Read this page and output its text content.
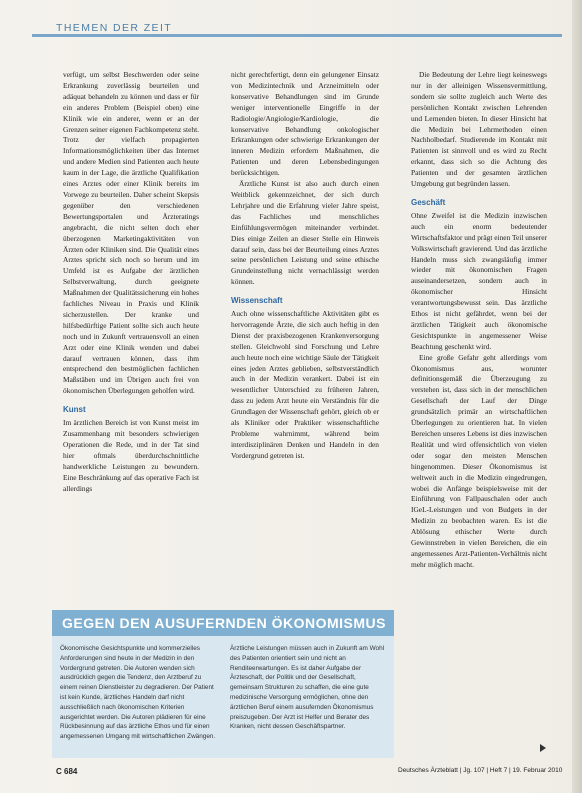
THEMEN DER ZEIT

verfügt, um selbst Beschwerden oder seine Erkrankung zuverlässig beurteilen und adäquat behandeln zu können und dass er für ein anderes Problem (Beispiel oben) eine Klinik wie ein anderer, wenn er an der Grenzen seiner eigenen Fachkompetenz steht. Trotz der vielfach propagierten Informationsmöglichkeiten über das Internet und andere Medien sind Patienten auch heute kaum in der Lage, die ärztliche Qualifikation eines Arztes oder einer Klinik bereits im Vorwege zu beurteilen. Daher scheint Skepsis gegenüber den verschiedenen Bewertungsportalen und Ärzteratings angebracht, die nicht selten doch eher überzogenen Marketingaktivitäten von Ärzten oder Kliniken sind. Die Qualität eines Arztes spricht sich noch so herum und im Umfeld ist es Aufgabe der ärztlichen Selbstverwaltung, durch geeignete Maßnahmen der Qualitätssicherung ein hohes fachliches Niveau in Praxis und Klinik sicherzustellen. Der kranke und hilfsbedürftige Patient sollte sich auch heute noch und in Zukunft vertrauensvoll an einen Arzt oder eine Klinik wenden und dabei darauf vertrauen können, dass ihm entsprechend den bestmöglichen fachlichen Maßstäben und im Übrigen auch frei von ökonomischen Überlegungen geholfen wird.

Kunst

Im ärztlichen Bereich ist von Kunst meist im Zusammenhang mit besonders schwierigen Operationen die Rede, und in der Tat sind hier oftmals überdurchschnittliche handwerkliche Leistungen zu bewundern. Eine Beschränkung auf das operative Fach ist allerdings

nicht gerechtfertigt, denn ein gelungener Einsatz von Medizintechnik und Arzneimitteln oder konservative Behandlungen sind im Grunde weniger interventionelle Eingriffe in der Radiologie/Angiologie/Kardiologie, die konservative Behandlung onkologischer Erkrankungen oder schwierige Erkrankungen der inneren Medizin erfordern Maßnahmen, die Patienten und deren Lebensbedingungen berücksichtigen.

Ärztliche Kunst ist also auch durch einen Weitblick gekennzeichnet, der sich durch Lehrjahre und die Erfahrung vieler Jahre speist, das Fachliches und menschliches Einfühlungsvermögen miteinander verbindet. Dies einige Zeilen an dieser Stelle ein Hinweis darauf sein, dass bei der Beurteilung eines Arztes seine persönlichen Leistung und seine ethische Grundeinstellung nicht vernachlässigt werden können.

Wissenschaft

Auch ohne wissenschaftliche Aktivitäten gibt es hervorragende Ärzte, die sich auch heftig in den Dienst der praxisbezogenen Krankenversorgung stellen. Gleichwohl sind Forschung und Lehre auch heute noch eine wichtige Säule der Tätigkeit eines jeden Arztes geblieben, selbstverständlich auch in der Medizin verankert. Dabei ist ein wesentlicher Unterschied zu früheren Jahren, dass zu jedem Arzt heute ein Verständnis für die Grundlagen der Wissenschaft gehört, gleich ob er als Kliniker oder Praktiker wissenschaftliche Probleme wahrnimmt, während beim interdisziplinären Denken und Handeln in den Vordergrund getreten ist.

Die Bedeutung der Lehre liegt keineswegs nur in der alleinigen Wissensvermittlung, sondern sie sollte zugleich auch Werte des persönlichen Kontakt zwischen Lehrenden und Lernenden bieten. In dieser Hinsicht hat die Medizin bei Lehrmethoden einen Nachholbedarf. Studierende im Kontakt mit Patienten ist sinnvoll und es wird zu Recht erkannt, dass sich so die Achtung des Patienten und der gesamten ärztlichen Umgebung gut begründen lassen.

Geschäft

Ohne Zweifel ist die Medizin inzwischen auch ein enorm bedeutender Wirtschaftsfaktor und prägt einen Teil unserer Volkswirtschaft gravierend. Und das ärztliche Handeln muss sich zwangsläufig immer wieder mit ökonomischen Fragen auseinandersetzen, sondern auch in ökonomischer Hinsicht verantwortungsbewusst sein. Das ärztliche Ethos ist nicht gefährdet, wenn bei der ärztlichen Tätigkeit auch ökonomische Gesichtspunkte in angemessener Weise Beachtung geschenkt wird.

Eine große Gefahr geht allerdings vom Ökonomismus aus, worunter definitionsgemäß die Überzeugung zu verstehen ist, dass sich in der menschlichen Gesellschaft der Lauf der Dinge grundsätzlich primär an wirtschaftlichen Überlegungen zu orientieren hat. In vielen Bereichen unseres Lebens ist dies inzwischen Realität und wird offensichtlich von vielen oder sogar den meisten Menschen hingenommen. Dieser Ökonomismus ist weltweit auch in die Medizin eingedrungen, wobei die Anfänge beispielsweise mit der Einführung von Fallpauschalen oder auch IGeL-Leistungen und von Budgets in der Medizin zu beobachten waren. Es ist die Ablösung ethischer Werte durch Gewinnstreben in vielen Bereichen, die ein angemessenes Arzt-Patienten-Verhältnis nicht mehr möglich macht.

GEGEN DEN AUSUFERNDEN ÖKONOMISMUS
Ökonomische Gesichtspunkte und kommerzielles Anforderungen sind heute in der Medizin in den Vordergrund getreten. Die Autoren wenden sich ausdrücklich gegen die Tendenz, den Arztberuf zu einem reinen Dienstleister zu degradieren. Der Patient ist kein Kunde, ärztliches Handeln darf nicht ausschließlich nach ökonomischen Kriterien ausgerichtet werden. Die Autoren plädieren für eine Rückbesinnung auf das ärztliche Ethos und für einen angemessenen Umgang mit wirtschaftlichen Zwängen.
Ärztliche Leistungen müssen auch in Zukunft am Wohl des Patienten orientiert sein und nicht an Renditeerwartungen. Es ist daher Aufgabe der Ärzteschaft, der Politik und der Gesellschaft, gemeinsam Strukturen zu schaffen, die eine gute medizinische Versorgung ermöglichen, ohne den ärztlichen Beruf einem ausufernden Ökonomismus preiszugeben. Der Arzt ist Helfer und Berater des Kranken, nicht dessen Geschäftspartner.
C 684	Deutsches Ärzteblatt | Jg. 107 | Heft 7 | 19. Februar 2010
